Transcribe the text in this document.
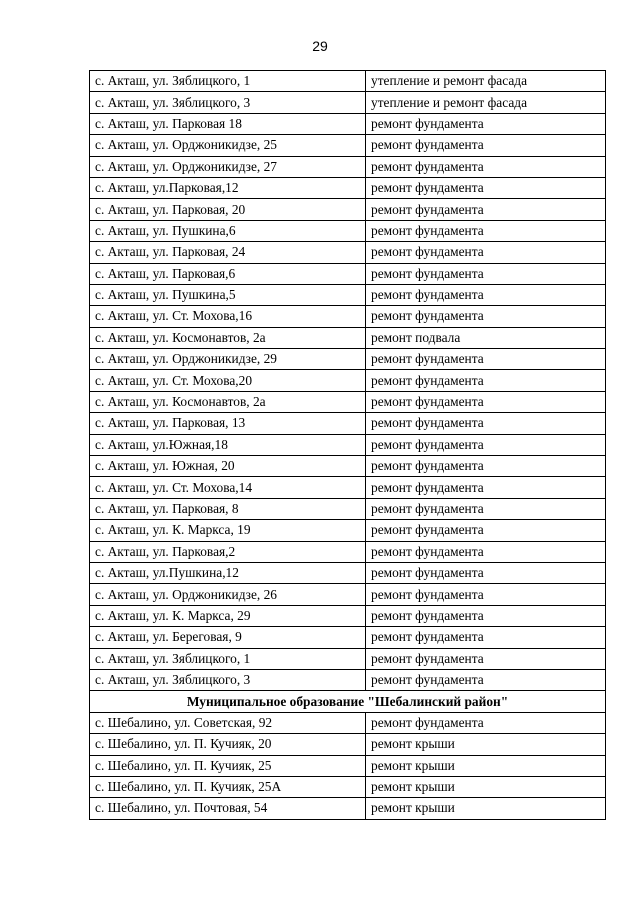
29
с. Акташ, ул. Зяблицкого, 1	утепление и ремонт фасада
с. Акташ, ул. Зяблицкого, 3	утепление и ремонт фасада
с. Акташ, ул. Парковая 18	ремонт фундамента
с. Акташ, ул. Орджоникидзе, 25	ремонт фундамента
с. Акташ, ул. Орджоникидзе, 27	ремонт фундамента
с. Акташ, ул.Парковая,12	ремонт фундамента
с. Акташ, ул. Парковая, 20	ремонт фундамента
с. Акташ, ул. Пушкина,6	ремонт фундамента
с. Акташ, ул. Парковая, 24	ремонт фундамента
с. Акташ, ул. Парковая,6	ремонт фундамента
с. Акташ, ул. Пушкина,5	ремонт фундамента
с. Акташ, ул. Ст. Мохова,16	ремонт фундамента
с. Акташ, ул. Космонавтов, 2а	ремонт подвала
с. Акташ, ул. Орджоникидзе, 29	ремонт фундамента
с. Акташ, ул. Ст. Мохова,20	ремонт фундамента
с. Акташ, ул. Космонавтов, 2а	ремонт фундамента
с. Акташ, ул. Парковая, 13	ремонт фундамента
с. Акташ, ул.Южная,18	ремонт фундамента
с. Акташ, ул. Южная, 20	ремонт фундамента
с. Акташ, ул. Ст. Мохова,14	ремонт фундамента
с. Акташ, ул. Парковая, 8	ремонт фундамента
с. Акташ, ул. К. Маркса, 19	ремонт фундамента
с. Акташ, ул. Парковая,2	ремонт фундамента
с. Акташ, ул.Пушкина,12	ремонт фундамента
с. Акташ, ул. Орджоникидзе, 26	ремонт фундамента
с. Акташ, ул. К. Маркса, 29	ремонт фундамента
с. Акташ, ул. Береговая, 9	ремонт фундамента
с. Акташ, ул. Зяблицкого, 1	ремонт фундамента
с. Акташ, ул. Зяблицкого, 3	ремонт фундамента
Муниципальное образование "Шебалинский район"	
с. Шебалино, ул. Советская, 92	ремонт фундамента
с. Шебалино, ул. П. Кучияк, 20	ремонт крыши
с. Шебалино, ул. П. Кучияк, 25	ремонт крыши
с. Шебалино, ул. П. Кучияк, 25А	ремонт крыши
с. Шебалино, ул. Почтовая, 54	ремонт крыши
